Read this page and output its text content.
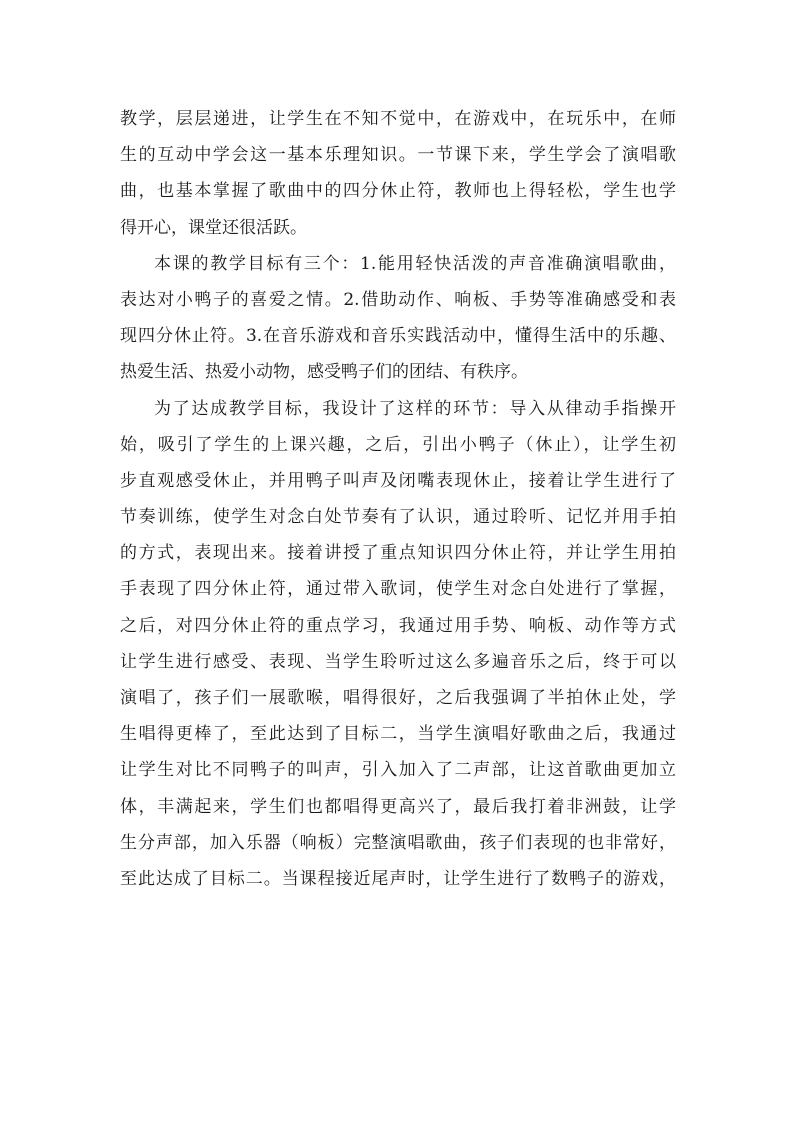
教学，层层递进，让学生在不知不觉中，在游戏中，在玩乐中，在师
生的互动中学会这一基本乐理知识。一节课下来，学生学会了演唱歌
曲，也基本掌握了歌曲中的四分休止符，教师也上得轻松，学生也学
得开心，课堂还很活跃。
本课的教学目标有三个：1.能用轻快活泼的声音准确演唱歌曲，
表达对小鸭子的喜爱之情。2.借助动作、响板、手势等准确感受和表
现四分休止符。3.在音乐游戏和音乐实践活动中，懂得生活中的乐趣、
热爱生活、热爱小动物，感受鸭子们的团结、有秩序。
为了达成教学目标，我设计了这样的环节：导入从律动手指操开
始，吸引了学生的上课兴趣，之后，引出小鸭子（休止），让学生初
步直观感受休止，并用鸭子叫声及闭嘴表现休止，接着让学生进行了
节奏训练，使学生对念白处节奏有了认识，通过聆听、记忆并用手拍
的方式，表现出来。接着讲授了重点知识四分休止符，并让学生用拍
手表现了四分休止符，通过带入歌词，使学生对念白处进行了掌握，
之后，对四分休止符的重点学习，我通过用手势、响板、动作等方式
让学生进行感受、表现、当学生聆听过这么多遍音乐之后，终于可以
演唱了，孩子们一展歌喉，唱得很好，之后我强调了半拍休止处，学
生唱得更棒了，至此达到了目标二，当学生演唱好歌曲之后，我通过
让学生对比不同鸭子的叫声，引入加入了二声部，让这首歌曲更加立
体，丰满起来，学生们也都唱得更高兴了，最后我打着非洲鼓，让学
生分声部，加入乐器（响板）完整演唱歌曲，孩子们表现的也非常好，
至此达成了目标二。当课程接近尾声时，让学生进行了数鸭子的游戏，
